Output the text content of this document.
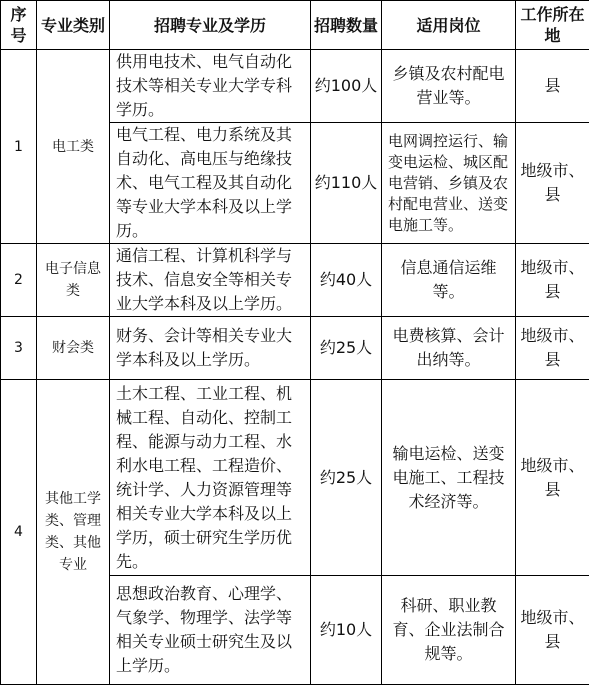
序号	专业类别	招聘专业及学历	招聘数量	适用岗位	工作所在地
1	电工类	供用电技术、电气自动化技术等相关专业大学专科学历。	约100人	乡镇及农村配电营业等。	县
		电气工程、电力系统及其自动化、高电压与绝缘技术、电气工程及其自动化等专业大学本科及以上学历。	约110人	电网调控运行、输变电运检、城区配电营销、乡镇及农村配电营业、送变电施工等。	地级市、县
2	电子信息类	通信工程、计算机科学与技术、信息安全等相关专业大学本科及以上学历。	约40人	信息通信运维等。	地级市、县
3	财会类	财务、会计等相关专业大学本科及以上学历。	约25人	电费核算、会计出纳等。	地级市、县
4	其他工学类、管理类、其他专业	土木工程、工业工程、机械工程、自动化、控制工程、能源与动力工程、水利水电工程、工程造价、统计学、人力资源管理等相关专业大学本科及以上学历，硕士研究生学历优先。	约25人	输电运检、送变电施工、工程技术经济等。	地级市、县
		思想政治教育、心理学、气象学、物理学、法学等相关专业硕士研究生及以上学历。	约10人	科研、职业教育、企业法制合规等。	地级市、县
